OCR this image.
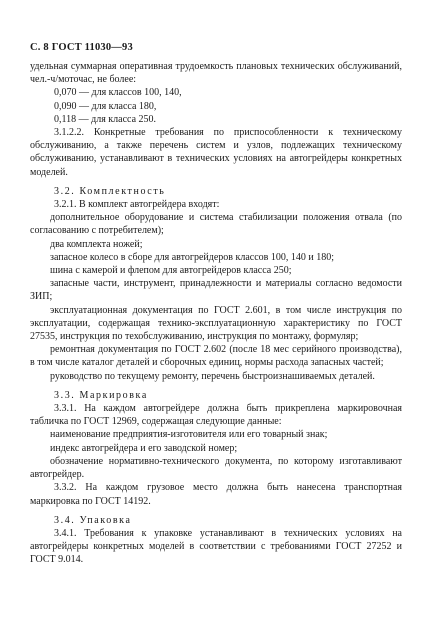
С. 8 ГОСТ 11030—93

удельная суммарная оперативная трудоемкость плановых технических обслуживаний, чел.-ч/моточас, не более:

0,070 — для классов 100, 140,

0,090 — для класса 180,

0,118 — для класса 250.

3.1.2.2. Конкретные требования по приспособленности к техническому обслуживанию, а также перечень систем и узлов, подлежащих техническому обслуживанию, устанавливают в технических условиях на автогрейдеры конкретных моделей.

3.2. Комплектность

3.2.1. В комплект автогрейдера входят:

дополнительное оборудование и система стабилизации положения отвала (по согласованию с потребителем);

два комплекта ножей;

запасное колесо в сборе для автогрейдеров классов 100, 140 и 180;

шина с камерой и флепом для автогрейдеров класса 250;

запасные части, инструмент, принадлежности и материалы согласно ведомости ЗИП;

эксплуатационная документация по ГОСТ 2.601, в том числе инструкция по эксплуатации, содержащая технико-эксплуатационную характеристику по ГОСТ 27535, инструкция по техобслуживанию, инструкция по монтажу, формуляр;

ремонтная документация по ГОСТ 2.602 (после 18 мес серийного производства), в том числе каталог деталей и сборочных единиц, нормы расхода запасных частей;

руководство по текущему ремонту, перечень быстроизнашиваемых деталей.

3.3. Маркировка

3.3.1. На каждом автогрейдере должна быть прикреплена маркировочная табличка по ГОСТ 12969, содержащая следующие данные:

наименование предприятия-изготовителя или его товарный знак;

индекс автогрейдера и его заводской номер;

обозначение нормативно-технического документа, по которому изготавливают автогрейдер.

3.3.2. На каждом грузовое место должна быть нанесена транспортная маркировка по ГОСТ 14192.

3.4. Упаковка

3.4.1. Требования к упаковке устанавливают в технических условиях на автогрейдеры конкретных моделей в соответствии с требованиями ГОСТ 27252 и ГОСТ 9.014.
